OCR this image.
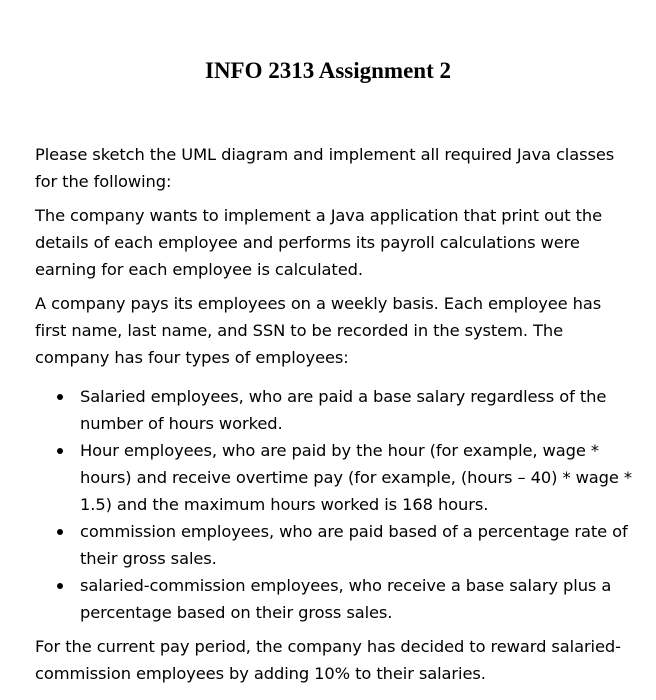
INFO 2313 Assignment 2

Please sketch the UML diagram and implement all required Java classes for the following:

The company wants to implement a Java application that print out the details of each employee and performs its payroll calculations were earning for each employee is calculated.

A company pays its employees on a weekly basis. Each employee has first name, last name, and SSN to be recorded in the system. The company has four types of employees:

Salaried employees, who are paid a base salary regardless of the number of hours worked.
Hour employees, who are paid by the hour (for example, wage * hours) and receive overtime pay (for example, (hours – 40) * wage * 1.5) and the maximum hours worked is 168 hours.
commission employees, who are paid based of a percentage rate of their gross sales.
salaried-commission employees, who receive a base salary plus a percentage based on their gross sales.

For the current pay period, the company has decided to reward salaried-commission employees by adding 10% to their salaries.
